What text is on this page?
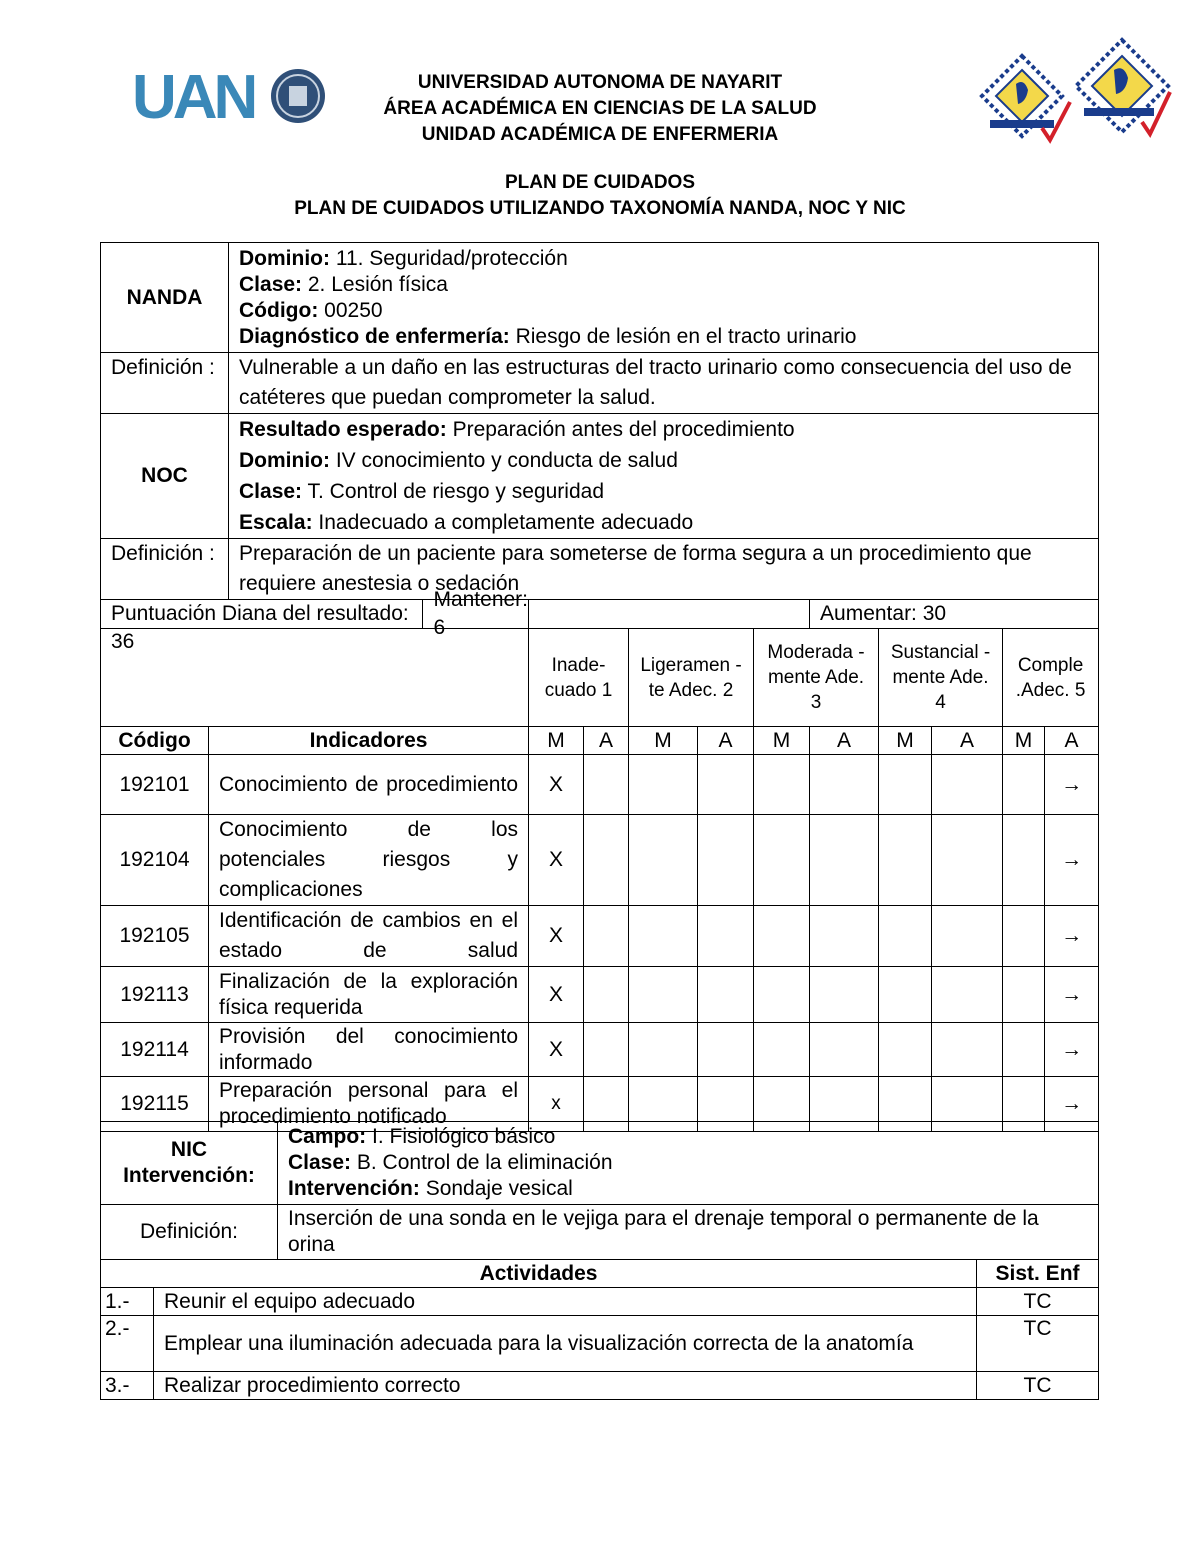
UAN	UNIVERSIDAD AUTONOMA DE NAYARIT
ÁREA ACADÉMICA EN CIENCIAS DE LA SALUD
UNIDAD ACADÉMICA DE ENFERMERIA
PLAN DE CUIDADOS
PLAN DE CUIDADOS UTILIZANDO TAXONOMÍA NANDA, NOC Y NIC
NANDA		Dominio: 11. Seguridad/protección
Clase: 2. Lesión física
Código: 00250
Diagnóstico de enfermería: Riesgo de lesión en el tracto urinario										

Definición :		Vulnerable a un daño en las estructuras del tracto urinario como consecuencia del uso de catéteres que puedan comprometer la salud.										
NOC		Resultado esperado: Preparación antes del procedimiento
Dominio: IV conocimiento y conducta de salud
Clase: T. Control de riesgo y seguridad
Escala: Inadecuado a completamente adecuado										

Definición :		Preparación de un paciente para someterse de forma segura a un procedimiento que requiere anestesia o sedación										

Puntuación Diana del resultado: 36
Mantener: 6								Aumentar: 30				
			Inade- cuado 1		Ligeramen -te Adec. 2		Moderada -mente Ade. 3		Sustancial -mente Ade. 4		Comple .Adec. 5	
Código	Indicadores		M	A	M	A	M	A	M	A	M	A
192101	Conocimiento de procedimiento		X									→
192104	Conocimiento de los potenciales riesgos y complicaciones		X									→
192105	Identificación de cambios en el estado de salud		X									→
192113	Finalización de la exploración física requerida		X									→
192114	Provisión del conocimiento informado		X									→
192115	Preparación personal para el procedimiento notificado		x									→
NIC Intervención:	Campo: I. Fisiológico básico
Clase: B. Control de la eliminación
Intervención: Sondaje vesical

Definición:	Inserción de una sonda en le vejiga para el drenaje temporal o permanente de la orina
Actividades		Sist. Enf
1.-	Reunir el equipo adecuado	TC
2.-	Emplear una iluminación adecuada para la visualización correcta de la anatomía	TC
3.-	Realizar procedimiento correcto	TC
